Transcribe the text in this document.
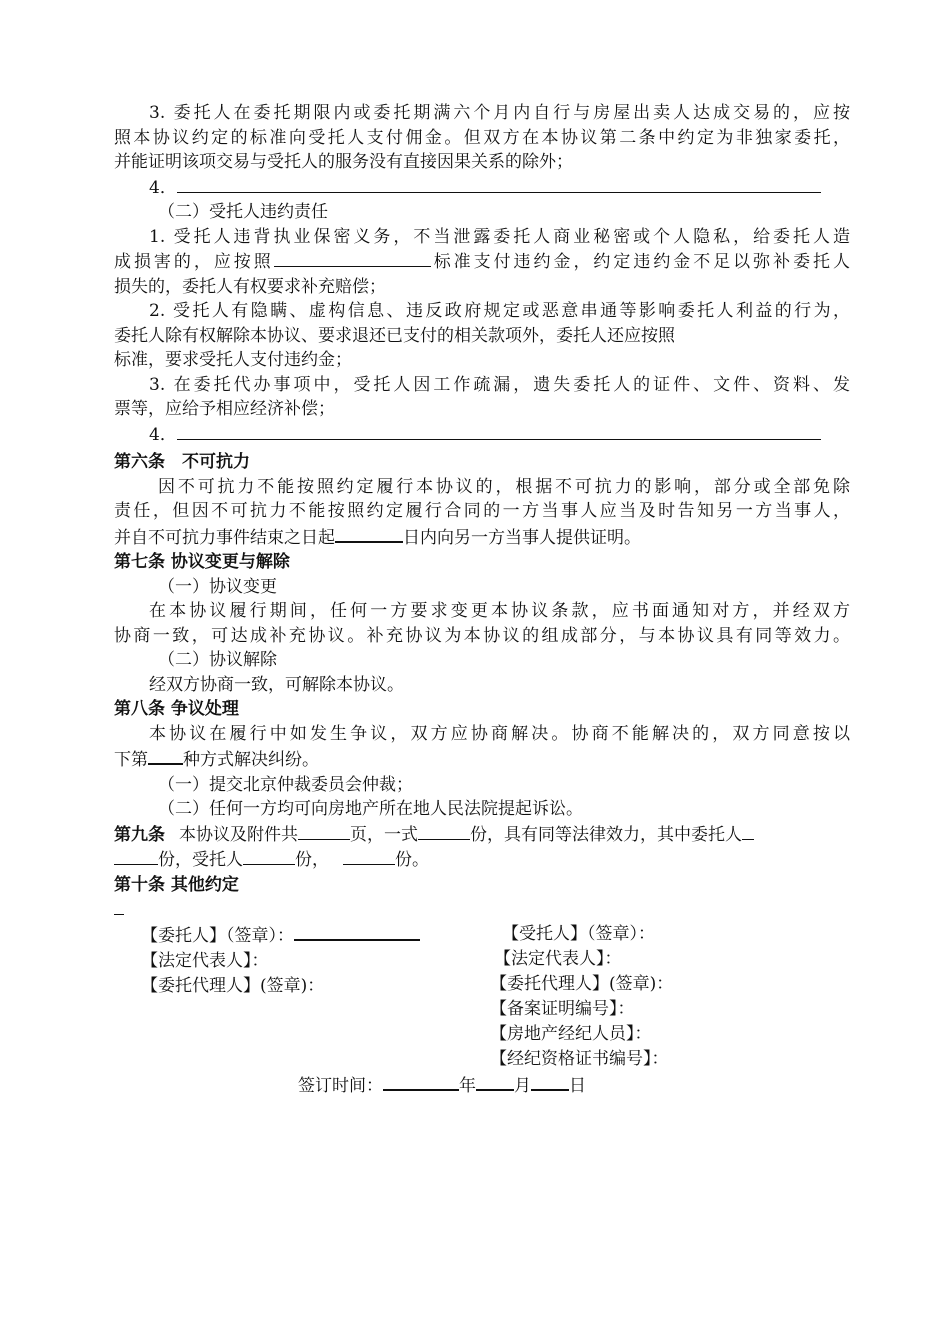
3. 委托人在委托期限内或委托期满六个月内自行与房屋出卖人达成交易的，应按

照本协议约定的标准向受托人支付佣金。但双方在本协议第二条中约定为非独家委托，

并能证明该项交易与受托人的服务没有直接因果关系的除外；

4．

（二）受托人违约责任

1. 受托人违背执业保密义务，不当泄露委托人商业秘密或个人隐私，给委托人造

成损害的，应按照	标准支付违约金，约定违约金不足以弥补委托人

损失的，委托人有权要求补充赔偿；

2. 受托人有隐瞒、虚构信息、违反政府规定或恶意串通等影响委托人利益的行为，

委托人除有权解除本协议、要求退还已支付的相关款项外，委托人还应按照

标准，要求受托人支付违约金；

3. 在委托代办事项中，受托人因工作疏漏，遗失委托人的证件、文件、资料、发

票等，应给予相应经济补偿；

4．

第六条　不可抗力

因不可抗力不能按照约定履行本协议的，根据不可抗力的影响，部分或全部免除

责任，但因不可抗力不能按照约定履行合同的一方当事人应当及时告知另一方当事人，

并自不可抗力事件结束之日起	日内向另一方当事人提供证明。

第七条 协议变更与解除

（一）协议变更

在本协议履行期间，任何一方要求变更本协议条款，应书面通知对方，并经双方

协商一致，可达成补充协议。补充协议为本协议的组成部分，与本协议具有同等效力。

（二）协议解除

经双方协商一致，可解除本协议。

第八条 争议处理

本协议在履行中如发生争议，双方应协商解决。协商不能解决的，双方同意按以

下第 种方式解决纠纷。

（一）提交北京仲裁委员会仲裁；

（二）任何一方均可向房地产所在地人民法院提起诉讼。

第九条 本协议及附件共	页，一式	份，具有同等法律效力，其中委托人

份，受托人	份，	份。

第十条 其他约定

【委托人】（签章）：
【法定代表人】：
【委托代理人】(签章)：
【受托人】（签章）：
【法定代表人】：
【委托代理人】(签章)：
【备案证明编号】：
【房地产经纪人员】：
【经纪资格证书编号】：
签订时间：	年 月 日
